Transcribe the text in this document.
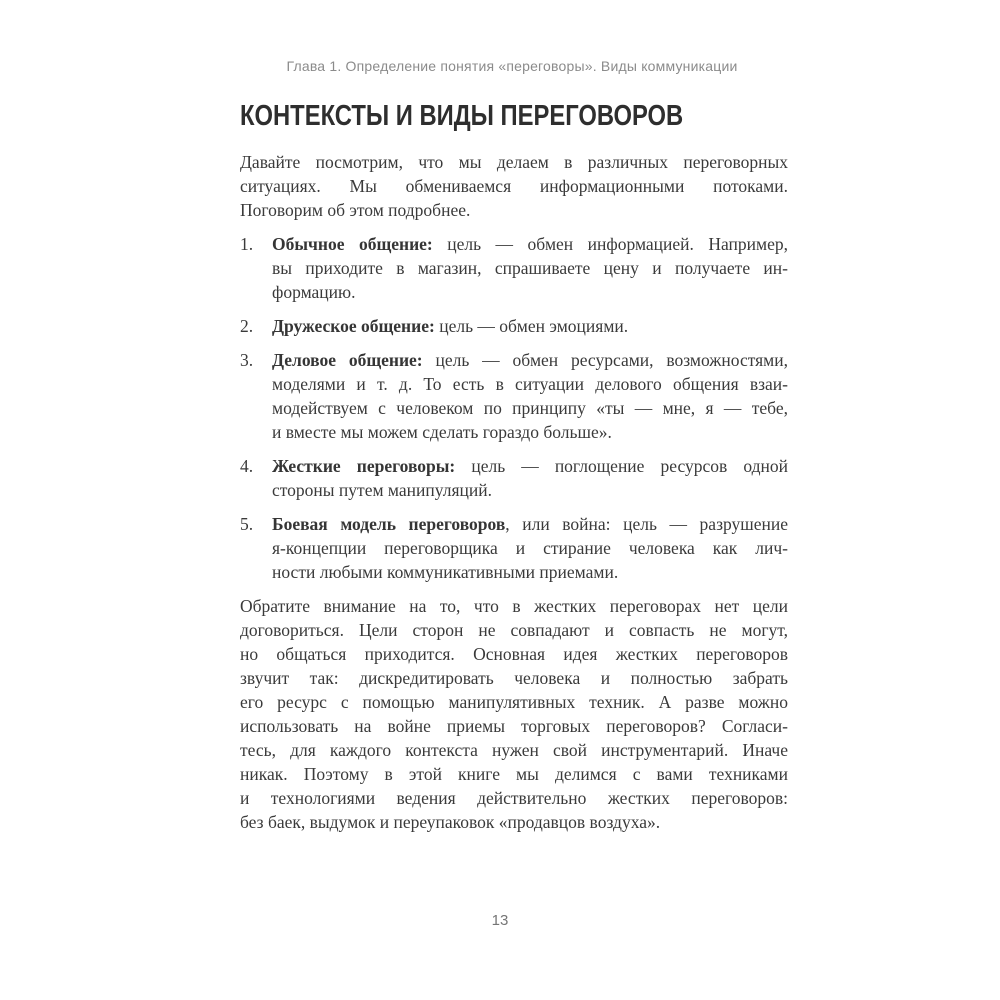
Глава 1. Определение понятия «переговоры». Виды коммуникации
КОНТЕКСТЫ И ВИДЫ ПЕРЕГОВОРОВ
Давайте посмотрим, что мы делаем в различных переговорных
ситуациях. Мы обмениваемся информационными потоками.
Поговорим об этом подробнее.
1.	Обычное общение: цель — обмен информацией. Например,
вы приходите в магазин, спрашиваете цену и получаете ин-
формацию.
2.	Дружеское общение: цель — обмен эмоциями.
3.	Деловое общение: цель — обмен ресурсами, возможностями,
моделями и т. д. То есть в ситуации делового общения взаи-
модействуем с человеком по принципу «ты — мне, я — тебе,
и вместе мы можем сделать гораздо больше».
4.	Жесткие переговоры: цель — поглощение ресурсов одной
стороны путем манипуляций.
5.	Боевая модель переговоров, или война: цель — разрушение
я-концепции переговорщика и стирание человека как лич-
ности любыми коммуникативными приемами.
Обратите внимание на то, что в жестких переговорах нет цели
договориться. Цели сторон не совпадают и совпасть не могут,
но общаться приходится. Основная идея жестких переговоров
звучит так: дискредитировать человека и полностью забрать
его ресурс с помощью манипулятивных техник. А разве можно
использовать на войне приемы торговых переговоров? Согласи-
тесь, для каждого контекста нужен свой инструментарий. Иначе
никак. Поэтому в этой книге мы делимся с вами техниками
и технологиями ведения действительно жестких переговоров:
без баек, выдумок и переупаковок «продавцов воздуха».
13
